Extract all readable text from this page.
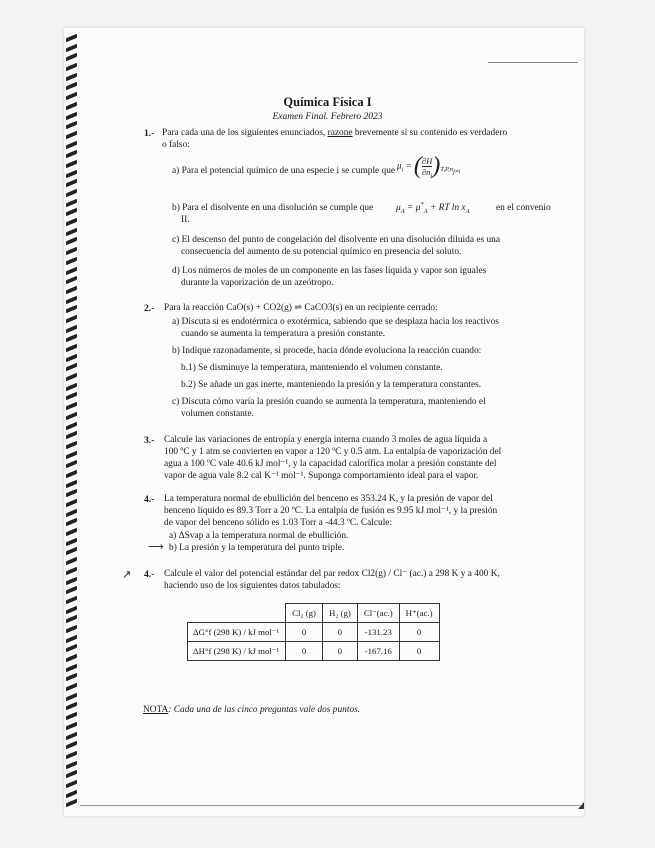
Química Física I
Examen Final. Febrero 2023
1.- Para cada una de los siguientes enunciados, razone brevemente si su contenido es verdadero
o falso:
a) Para el potencial químico de una especie i se cumple que
$\mu_i$ = ( $\frac{\partial H}{\partial n_i} )_{T,P,n_{j\ne i}}$
b) Para el disolvente en una disolución se cumple que $\mu_A = \mu^*_A$ + RT $\ln x_A$	en el convenio
II.
c) El descenso del punto de congelación del disolvente en una disolución diluida es una
consecuencia del aumento de su potencial químico en presencia del soluto.
d) Los números de moles de un componente en las fases líquida y vapor son iguales
durante la vaporización de un azeótropo.
2.- Para la reacción CaO(s) + CO2(g) ⇌ CaCO3(s) en un recipiente cerrado:
a) Discuta si es endotérmica o exotérmica, sabiendo que se desplaza hacia los reactivos
cuando se aumenta la temperatura a presión constante.
b) Indique razonadamente, si procede, hacia dónde evoluciona la reacción cuando:
b.1) Se disminuye la temperatura, manteniendo el volumen constante.
b.2) Se añade un gas inerte, manteniendo la presión y la temperatura constantes.
c) Discuta cómo varía la presión cuando se aumenta la temperatura, manteniendo el
volumen constante.
3.- Calcule las variaciones de entropía y energía interna cuando 3 moles de agua líquida a
100 ºC y 1 atm se convierten en vapor a 120 ºC y 0.5 atm. La entalpía de vaporización del
agua a 100 ºC vale 40.6 kJ mol⁻¹, y la capacidad calorífica molar a presión constante del
vapor de agua vale 8.2 cal K⁻¹ mol⁻¹. Suponga comportamiento ideal para el vapor.
4.- La temperatura normal de ebullición del benceno es 353.24 K, y la presión de vapor del
benceno líquido es 89.3 Torr a 20 ºC. La entalpía de fusión es 9.95 kJ mol⁻¹, y la presión
de vapor del benceno sólido es 1.03 Torr a -44.3 ºC. Calcule:
a) ΔSvap a la temperatura normal de ebullición.
⟶ b) La presión y la temperatura del punto triple.
↗ 4.- Calcule el valor del potencial estándar del par redox Cl2(g) / Cl⁻ (ac.) a 298 K y a 400 K,
haciendo uso de los siguientes datos tabulados:
	Cl₂ (g)	H₂ (g)	Cl⁻(ac.)	H⁺(ac.)
ΔG°f (298 K) / kJ mol⁻¹	0	0	-131.23	0
ΔH°f (298 K) / kJ mol⁻¹	0	0	-167.16	0
NOTA: Cada una de las cinco preguntas vale dos puntos.
